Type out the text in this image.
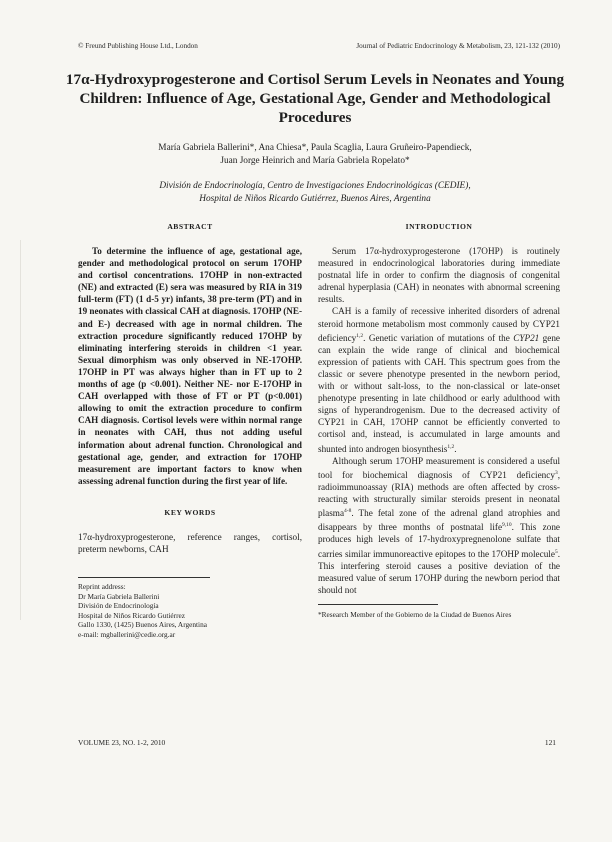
© Freund Publishing House Ltd., London	Journal of Pediatric Endocrinology & Metabolism, 23, 121-132 (2010)
17α-Hydroxyprogesterone and Cortisol Serum Levels in Neonates and Young Children: Influence of Age, Gestational Age, Gender and Methodological Procedures
María Gabriela Ballerini*, Ana Chiesa*, Paula Scaglia, Laura Gruñeiro-Papendieck,
Juan Jorge Heinrich and María Gabriela Ropelato*
División de Endocrinología, Centro de Investigaciones Endocrinológicas (CEDIE),
Hospital de Niños Ricardo Gutiérrez, Buenos Aires, Argentina
ABSTRACT

To determine the influence of age, gestational age, gender and methodological protocol on serum 17OHP and cortisol concentrations. 17OHP in non-extracted (NE) and extracted (E) sera was measured by RIA in 319 full-term (FT) (1 d-5 yr) infants, 38 pre-term (PT) and in 19 neonates with classical CAH at diagnosis. 17OHP (NE- and E-) decreased with age in normal children. The extraction procedure significantly reduced 17OHP by eliminating interfering steroids in children <1 year. Sexual dimorphism was only observed in NE-17OHP. 17OHP in PT was always higher than in FT up to 2 months of age (p <0.001). Neither NE- nor E-17OHP in CAH overlapped with those of FT or PT (p<0.001) allowing to omit the extraction procedure to confirm CAH diagnosis. Cortisol levels were within normal range in neonates with CAH, thus not adding useful information about adrenal function. Chronological and gestational age, gender, and extraction for 17OHP measurement are important factors to know when assessing adrenal function during the first year of life.

KEY WORDS

17α-hydroxyprogesterone, reference ranges, cortisol, preterm newborns, CAH

Reprint address:
Dr María Gabriela Ballerini
División de Endocrinología
Hospital de Niños Ricardo Gutiérrez
Gallo 1330, (1425) Buenos Aires, Argentina
e-mail: mgballerini@cedie.org.ar
INTRODUCTION

Serum 17α-hydroxyprogesterone (17OHP) is routinely measured in endocrinological laboratories during immediate postnatal life in order to confirm the diagnosis of congenital adrenal hyperplasia (CAH) in neonates with abnormal screening results.

CAH is a family of recessive inherited disorders of adrenal steroid hormone metabolism most commonly caused by CYP21 deficiency$^{1,2}$. Genetic variation of mutations of the CYP21 gene can explain the wide range of clinical and biochemical expression of patients with CAH. This spectrum goes from the classic or severe phenotype presented in the newborn period, with or without salt-loss, to the non-classical or late-onset phenotype presenting in late childhood or early adulthood with signs of hyperandrogenism. Due to the decreased activity of CYP21 in CAH, 17OHP cannot be efficiently converted to cortisol and, instead, is accumulated in large amounts and shunted into androgen biosynthesis$^{1,2}$.

Although serum 17OHP measurement is considered a useful tool for biochemical diagnosis of CYP21 deficiency$^3$, radioimmunoassay (RIA) methods are often affected by cross-reacting with structurally similar steroids present in neonatal plasma$^{4-8}$. The fetal zone of the adrenal gland atrophies and disappears by three months of postnatal life$^{9,10}$. This zone produces high levels of 17-hydroxypregnenolone sulfate that carries similar immunoreactive epitopes to the 17OHP molecule$^5$. This interfering steroid causes a positive deviation of the measured value of serum 17OHP during the newborn period that should not

*Research Member of the Gobierno de la Ciudad de Buenos Aires
VOLUME 23, NO. 1-2, 2010	121
